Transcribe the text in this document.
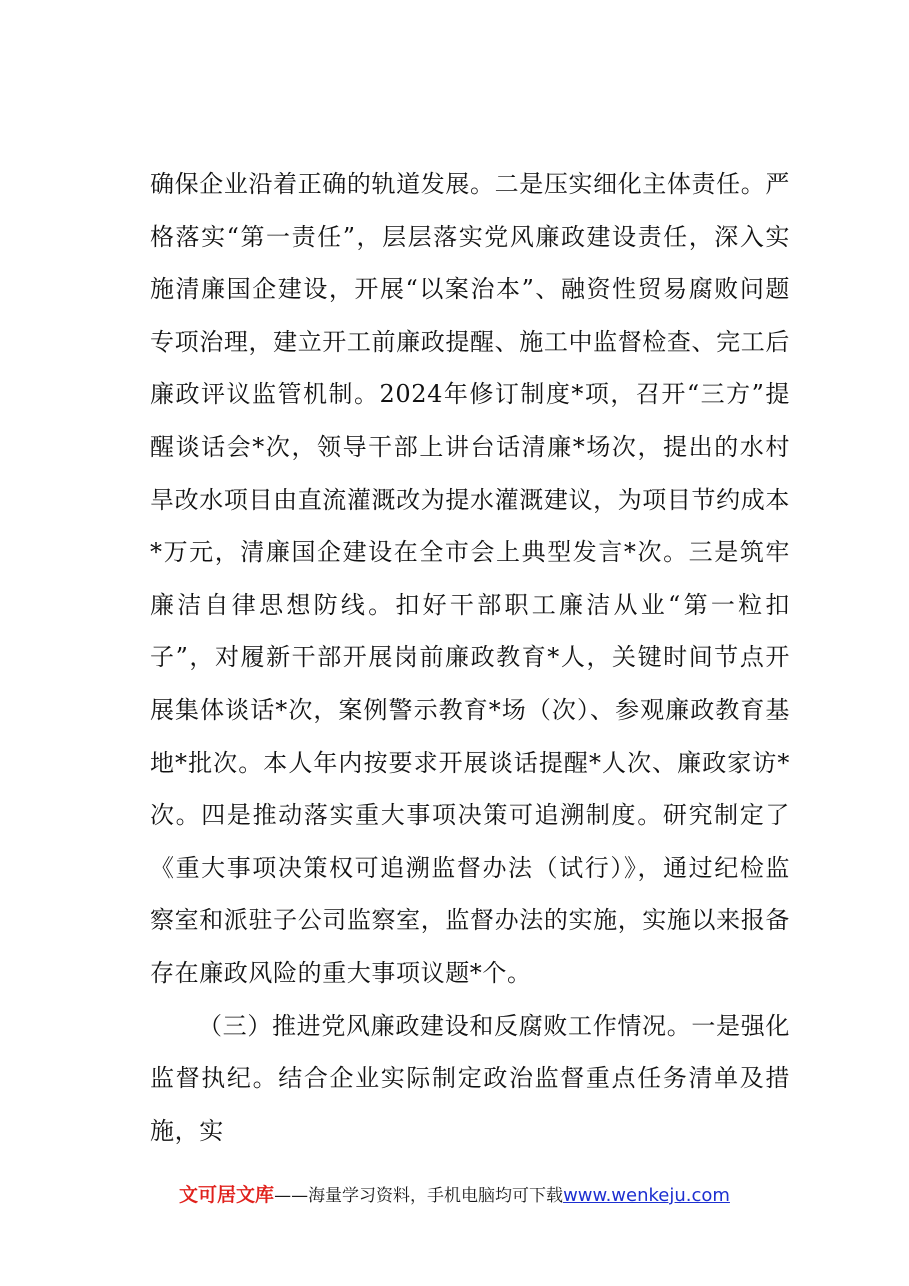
确保企业沿着正确的轨道发展。二是压实细化主体责任。严格落实“第一责任”，层层落实党风廉政建设责任，深入实施清廉国企建设，开展“以案治本”、融资性贸易腐败问题专项治理，建立开工前廉政提醒、施工中监督检查、完工后廉政评议监管机制。2024年修订制度*项，召开“三方”提醒谈话会*次，领导干部上讲台话清廉*场次，提出的水村旱改水项目由直流灌溉改为提水灌溉建议，为项目节约成本*万元，清廉国企建设在全市会上典型发言*次。三是筑牢廉洁自律思想防线。扣好干部职工廉洁从业“第一粒扣子”，对履新干部开展岗前廉政教育*人，关键时间节点开展集体谈话*次，案例警示教育*场（次）、参观廉政教育基地*批次。本人年内按要求开展谈话提醒*人次、廉政家访*次。四是推动落实重大事项决策可追溯制度。研究制定了《重大事项决策权可追溯监督办法（试行）》，通过纪检监察室和派驻子公司监察室，监督办法的实施，实施以来报备存在廉政风险的重大事项议题*个。

（三）推进党风廉政建设和反腐败工作情况。一是强化监督执纪。结合企业实际制定政治监督重点任务清单及措施，实

文可居文库——海量学习资料，手机电脑均可下载www.wenkeju.com
